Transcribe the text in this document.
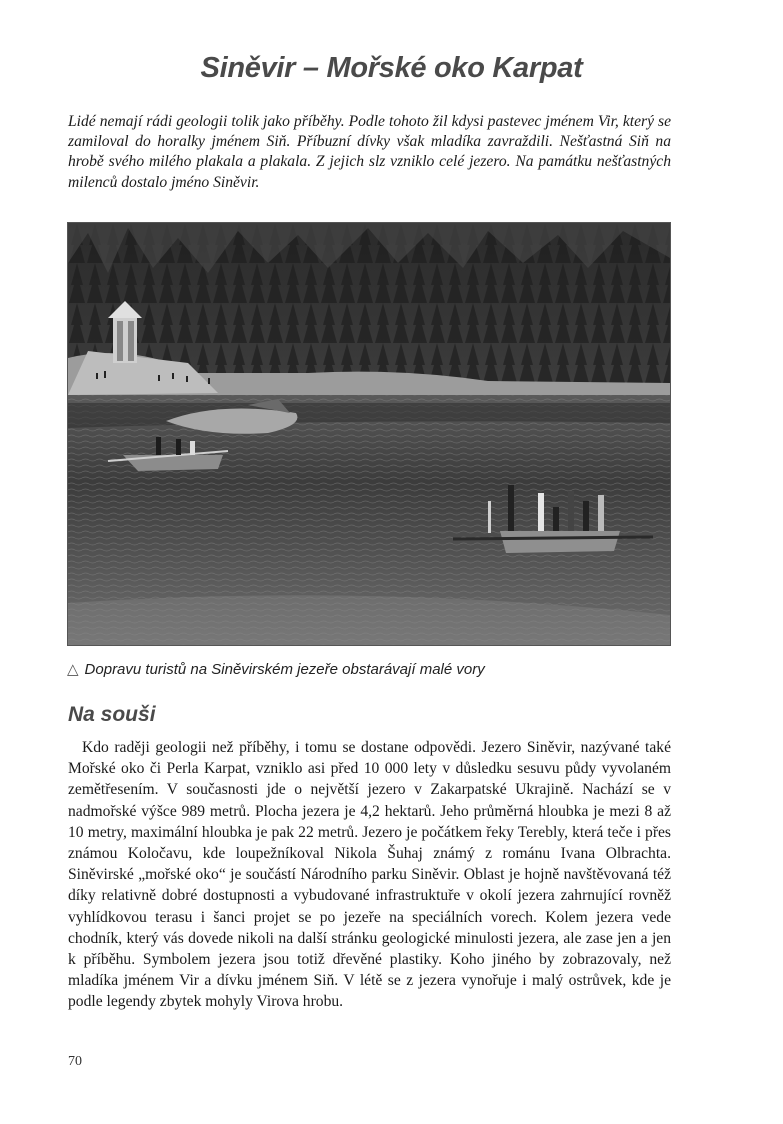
Siněvir – Mořské oko Karpat

Lidé nemají rádi geologii tolik jako příběhy. Podle tohoto žil kdysi pastevec jménem Vir, který se zamiloval do horalky jménem Siň. Příbuzní dívky však mladíka zavraždili. Nešťastná Siň na hrobě svého milého plakala a plakala. Z jejich slz vzniklo celé jezero. Na památku nešťastných milenců dostalo jméno Siněvir.

△ Dopravu turistů na Siněvirském jezeře obstarávají malé vory

Na souši

Kdo raději geologii než příběhy, i tomu se dostane odpovědi. Jezero Siněvir, nazývané také Mořské oko či Perla Karpat, vzniklo asi před 10 000 lety v důsledku sesuvu půdy vyvolaném zemětřesením. V současnosti jde o největší jezero v Zakarpatské Ukrajině. Nachází se v nadmořské výšce 989 metrů. Plocha jezera je 4,2 hektarů. Jeho průměrná hloubka je mezi 8 až 10 metry, maximální hloubka je pak 22 metrů. Jezero je počátkem řeky Terebly, která teče i přes známou Koločavu, kde loupežníkoval Nikola Šuhaj známý z románu Ivana Olbrachta. Siněvirské „mořské oko“ je součástí Národního parku Siněvir. Oblast je hojně navštěvovaná též díky relativně dobré dostupnosti a vybudované infrastruktuře v okolí jezera zahrnující rovněž vyhlídkovou terasu i šanci projet se po jezeře na speciálních vorech. Kolem jezera vede chodník, který vás dovede nikoli na další stránku geologické minulosti jezera, ale zase jen a jen k příběhu. Symbolem jezera jsou totiž dřevěné plastiky. Koho jiného by zobrazovaly, než mladíka jménem Vir a dívku jménem Siň. V létě se z jezera vynořuje i malý ostrůvek, kde je podle legendy zbytek mohyly Virova hrobu.

70
